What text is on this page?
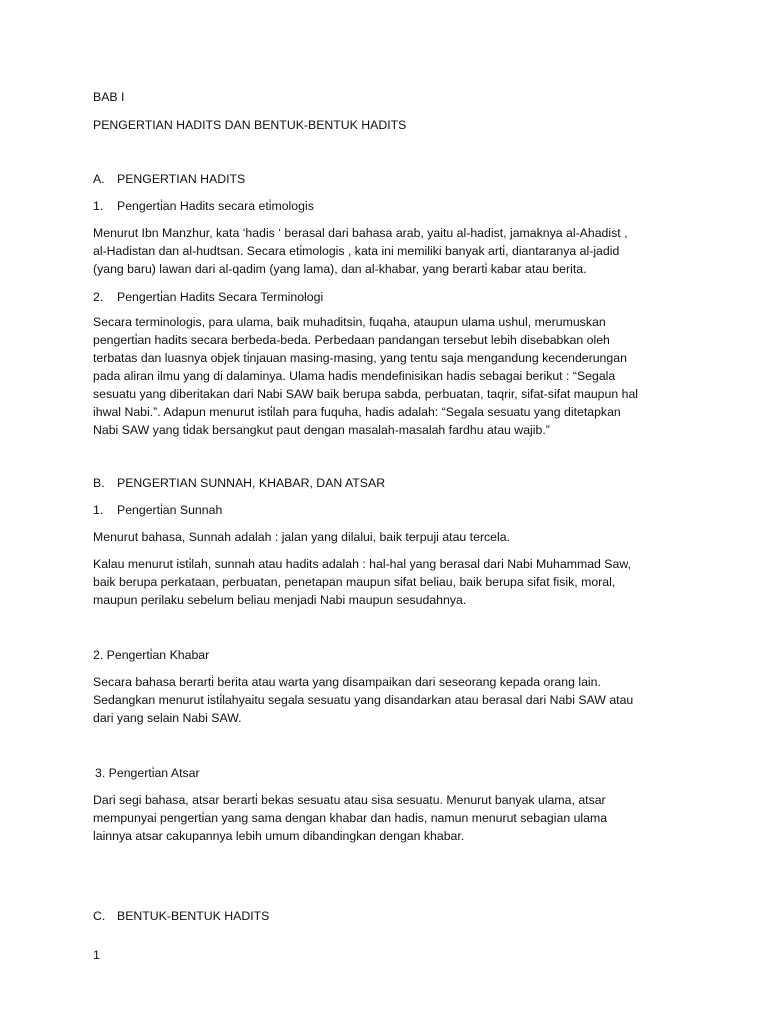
BAB I

PENGERTIAN HADITS DAN BENTUK-BENTUK HADITS

A. PENGERTIAN HADITS

1. Pengerti̇an Hadits secara eti̇mologis

Menurut Ibn Manzhur, kata ‘hadis ‘ berasal dari bahasa arab, yaitu al-hadist, jamaknya al-Ahadist ,
al-Hadistan dan al-hudtsan. Secara eti̇mologis , kata ini memiliki banyak arti̇, diantaranya al-jadid
(yang baru) lawan dari al-qadim (yang lama), dan al-khabar, yang berarti̇ kabar atau berita.

2. Pengerti̇an Hadits Secara Terminologi

Secara terminologis, para ulama, baik muhaditsin, fuqaha, ataupun ulama ushul, merumuskan
pengerti̇an hadits secara berbeda-beda. Perbedaan pandangan tersebut lebih disebabkan oleh
terbatas dan luasnya objek ti̇njauan masing-masing, yang tentu saja mengandung kecenderungan
pada aliran ilmu yang di dalaminya. Ulama hadis mendefinisikan hadis sebagai berikut : “Segala
sesuatu yang diberitakan dari Nabi SAW baik berupa sabda, perbuatan, taqrir, sifat-sifat maupun hal
ihwal Nabi.”. Adapun menurut isti̇lah para fuquha, hadis adalah: “Segala sesuatu yang ditetapkan
Nabi SAW yang ti̇dak bersangkut paut dengan masalah-masalah fardhu atau wajib.”

B. PENGERTIAN SUNNAH, KHABAR, DAN ATSAR

1. Pengerti̇an Sunnah

Menurut bahasa, Sunnah adalah : jalan yang dilalui, baik terpuji atau tercela.

Kalau menurut isti̇lah, sunnah atau hadits adalah : hal-hal yang berasal dari Nabi Muhammad Saw,
baik berupa perkataan, perbuatan, penetapan maupun sifat beliau, baik berupa sifat fisik, moral,
maupun perilaku sebelum beliau menjadi Nabi maupun sesudahnya.

2. Pengerti̇an Khabar

Secara bahasa berarti̇ berita atau warta yang disampaikan dari seseorang kepada orang lain.
Sedangkan menurut isti̇lahyaitu segala sesuatu yang disandarkan atau berasal dari Nabi SAW atau
dari yang selain Nabi SAW.

3. Pengerti̇an Atsar

Dari segi bahasa, atsar berarti̇ bekas sesuatu atau sisa sesuatu. Menurut banyak ulama, atsar
mempunyai pengerti̇an yang sama dengan khabar dan hadis, namun menurut sebagian ulama
lainnya atsar cakupannya lebih umum dibandingkan dengan khabar.

C. BENTUK-BENTUK HADITS

1
